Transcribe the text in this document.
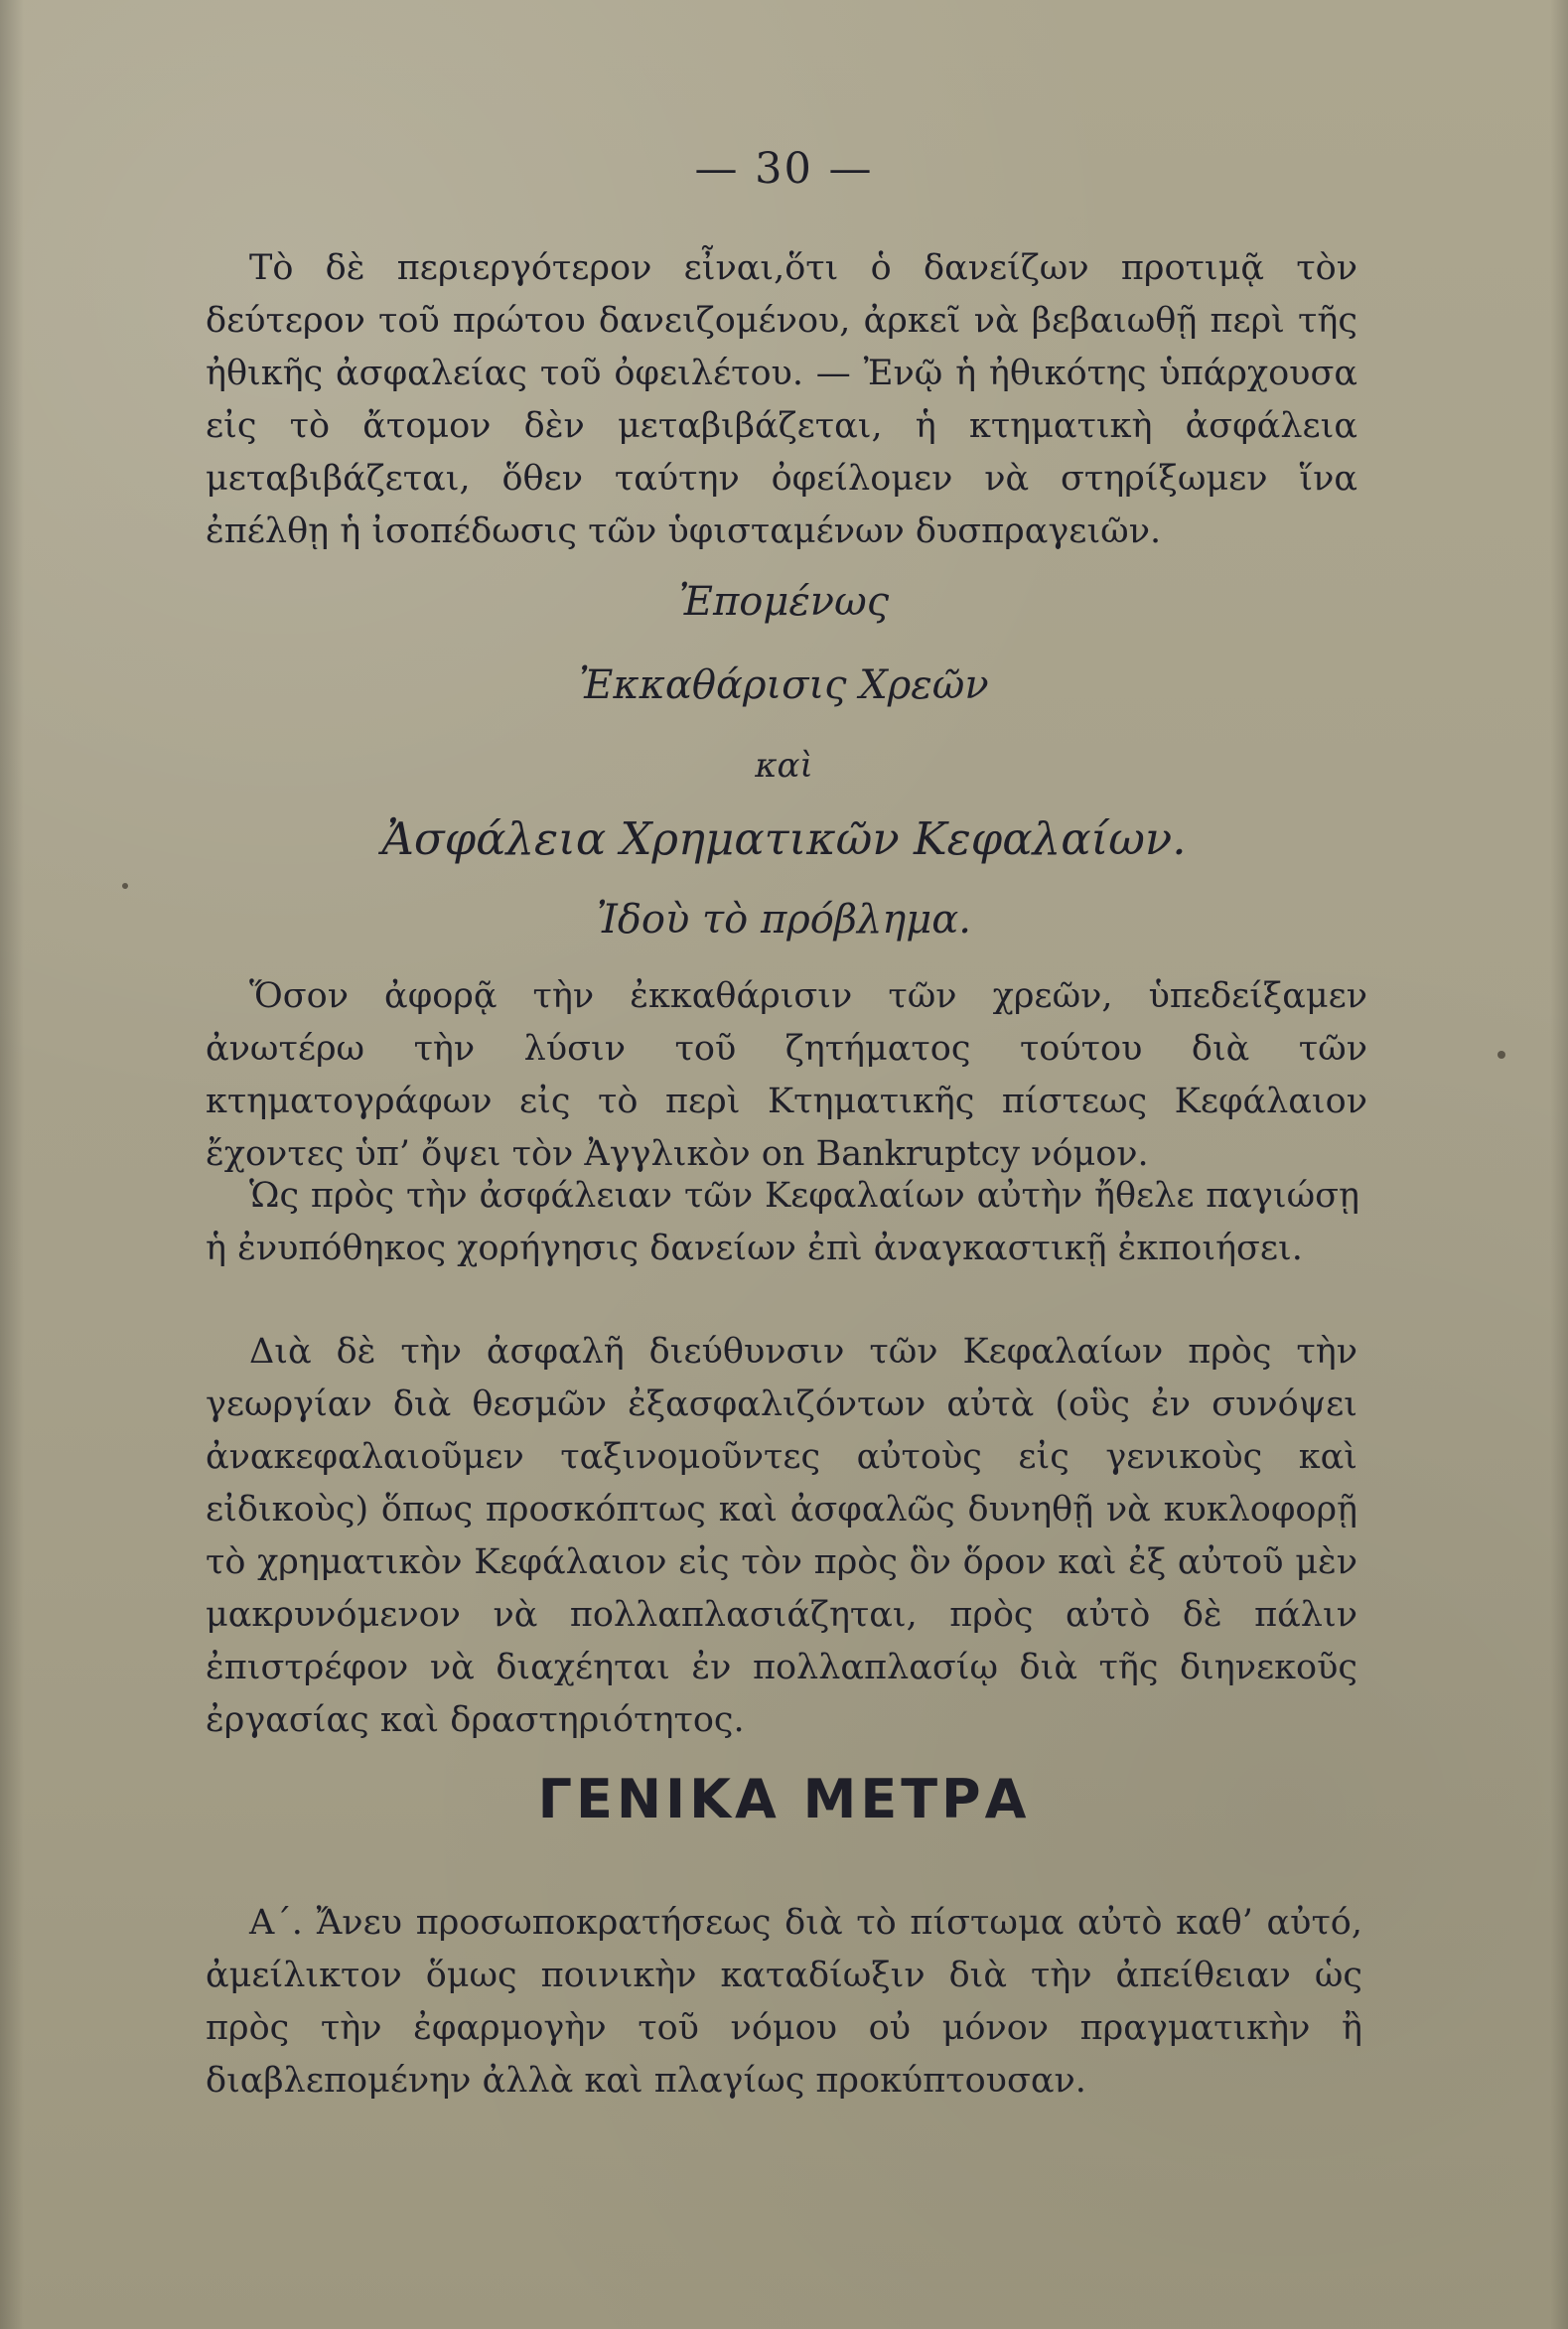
— 30 —

Τὸ δὲ περιεργότερον εἶναι,ὅτι ὁ δανείζων προτιμᾷ τὸν δεύτερον τοῦ πρώτου δανειζομένου, ἀρκεῖ νὰ βεβαιωθῇ περὶ τῆς ἠθικῆς ἀσφαλείας τοῦ ὀφειλέτου. — Ἐνῷ ἡ ἠθικότης ὑπάρχουσα εἰς τὸ ἄτομον δὲν μεταβιβάζεται, ἡ κτηματικὴ ἀσφάλεια μεταβιβάζεται, ὅθεν ταύτην ὀφείλομεν νὰ στηρίξωμεν ἵνα ἐπέλθῃ ἡ ἰσοπέδωσις τῶν ὑφισταμένων δυσπραγειῶν.

Ἐπομένως
Ἐκκαθάρισις Χρεῶν
καὶ
Ἀσφάλεια Χρηματικῶν Κεφαλαίων.
Ἰδοὺ τὸ πρόβλημα.

Ὅσον ἀφορᾷ τὴν ἐκκαθάρισιν τῶν χρεῶν, ὑπεδείξαμεν ἀνωτέρω τὴν λύσιν τοῦ ζητήματος τούτου διὰ τῶν κτηματογράφων εἰς τὸ περὶ Κτηματικῆς πίστεως Κεφάλαιον ἔχοντες ὑπ’ ὄψει τὸν Ἀγγλικὸν on Bankruptcy νόμον.

Ὡς πρὸς τὴν ἀσφάλειαν τῶν Κεφαλαίων αὐτὴν ἤθελε παγιώσῃ ἡ ἐνυπόθηκος χορήγησις δανείων ἐπὶ ἀναγκαστικῇ ἐκποιήσει.

Διὰ δὲ τὴν ἀσφαλῆ διεύθυνσιν τῶν Κεφαλαίων πρὸς τὴν γεωργίαν διὰ θεσμῶν ἐξασφαλιζόντων αὐτὰ (οὓς ἐν συνόψει ἀνακεφαλαιοῦμεν ταξινομοῦντες αὐτοὺς εἰς γενικοὺς καὶ εἰδικοὺς) ὅπως προσκόπτως καὶ ἀσφαλῶς δυνηθῇ νὰ κυκλοφορῇ τὸ χρηματικὸν Κεφάλαιον εἰς τὸν πρὸς ὃν ὅρον καὶ ἐξ αὐτοῦ μὲν μακρυνόμενον νὰ πολλαπλασιάζηται, πρὸς αὐτὸ δὲ πάλιν ἐπιστρέφον νὰ διαχέηται ἐν πολλαπλασίῳ διὰ τῆς διηνεκοῦς ἐργασίας καὶ δραστηριότητος.

ΓΕΝΙΚΑ ΜΕΤΡΑ

Α΄. Ἄνευ προσωποκρατήσεως διὰ τὸ πίστωμα αὐτὸ καθ’ αὐτό, ἀμείλικτον ὅμως ποινικὴν καταδίωξιν διὰ τὴν ἀπείθειαν ὡς πρὸς τὴν ἐφαρμογὴν τοῦ νόμου οὐ μόνον πραγματικὴν ἢ διαβλεπομένην ἀλλὰ καὶ πλαγίως προκύπτουσαν.
